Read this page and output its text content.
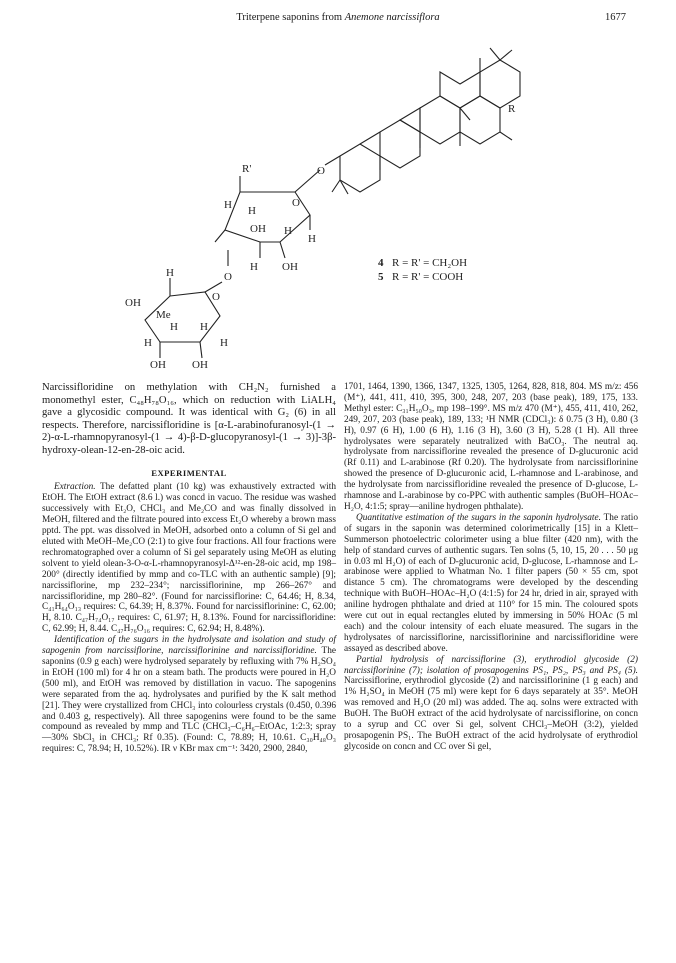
Triterpene saponins from Anemone narcissiflora	1677
R
O
R'
O
H H
OH H
H
H OH
O
H
O
OH
Me
H H
H	H
OH OH
4 R = R' = CH₂OH
5 R = R' = COOH

Narcissifloridine on methylation with CH₂N₂ furnished a monomethyl ester, C₄₈H₇₈O₁₆, which on reduction with LiALH₄ gave a glycosidic compound. It was identical with G₂ (6) in all respects. Therefore, narcissifloridine is [α-L-arabinofuranosyl-(1 → 2)-α-L-rhamnopyranosyl-(1 → 4)-β-D-glucopyranosyl-(1 → 3)]-3β-hydroxy-olean-12-en-28-oic acid.

EXPERIMENTAL

Extraction. The defatted plant (10 kg) was exhaustively extracted with EtOH. The EtOH extract (8.6 l.) was concd in vacuo. The residue was washed successively with Et₂O, CHCl₃ and Me₂CO and was finally dissolved in MeOH, filtered and the filtrate poured into excess Et₂O whereby a brown mass pptd. The ppt. was dissolved in MeOH, adsorbed onto a column of Si gel and eluted with MeOH–Me₂CO (2:1) to give four fractions. All four fractions were rechromatographed over a column of Si gel separately using MeOH as eluting solvent to yield olean-3-O-α-L-rhamnopyranosyl-Δ¹²-en-28-oic acid, mp 198–200° (directly identified by mmp and co-TLC with an authentic sample) [9]; narcissiflorine, mp 232–234°; narcissiflorinine, mp 266–267° and narcissifloridine, mp 280–82°. (Found for narcissiflorine: C, 64.46; H, 8.34, C₄₁H₆₄O₁₃ requires: C, 64.39; H, 8.37%. Found for narcissiflorinine: C, 62.00; H, 8.10. C₄₇H₇₄O₁₇ requires: C, 61.97; H, 8.13%. Found for narcissifloridine: C, 62.99; H, 8.44. C₄₇H₇₆O₁₆ requires: C, 62.94; H, 8.48%).

Identification of the sugars in the hydrolysate and isolation and study of sapogenin from narcissiflorine, narcissiflorinine and narcissifloridine. The saponins (0.9 g each) were hydrolysed separately by refluxing with 7% H₂SO₄ in EtOH (100 ml) for 4 hr on a steam bath. The products were poured in H₂O (500 ml), and EtOH was removed by distillation in vacuo. The sapogenins were separated from the aq. hydrolysates and purified by the K salt method [21]. They were crystallized from CHCl₃ into colourless crystals (0.450, 0.396 and 0.403 g, respectively). All three sapogenins were found to be the same compound as revealed by mmp and TLC (CHCl₃–C₆H₆–EtOAc, 1:2:3; spray—30% SbCl₃ in CHCl₃; Rf 0.35). (Found: C, 78.89; H, 10.61. C₃₀H₄₈O₃ requires: C, 78.94; H, 10.52%). IR ν KBr max cm⁻¹: 3420, 2900, 2840,

1701, 1464, 1390, 1366, 1347, 1325, 1305, 1264, 828, 818, 804. MS m/z: 456 (M⁺), 441, 411, 410, 395, 300, 248, 207, 203 (base peak), 189, 175, 133. Methyl ester: C₃₁H₅₀O₃, mp 198–199°. MS m/z 470 (M⁺), 455, 411, 410, 262, 249, 207, 203 (base peak), 189, 133; ¹H NMR (CDCl₃): δ 0.75 (3 H), 0.80 (3 H), 0.97 (6 H), 1.00 (6 H), 1.16 (3 H), 3.60 (3 H), 5.28 (1 H). All three hydrolysates were separately neutralized with BaCO₃. The neutral aq. hydrolysate from narcissiflorine revealed the presence of D-glucuronic acid (Rf 0.11) and L-arabinose (Rf 0.20). The hydrolysate from narcissiflorinine showed the presence of D-glucuronic acid, L-rhamnose and L-arabinose, and the hydrolysate from narcissifloridine revealed the presence of D-glucose, L-rhamnose and L-arabinose by co-PPC with authentic samples (BuOH–HOAc–H₂O, 4:1:5; spray—aniline hydrogen phthalate).

Quantitative estimation of the sugars in the saponin hydrolysate. The ratio of sugars in the saponin was determined colorimetrically [15] in a Klett–Summerson photoelectric colorimeter using a blue filter (420 nm), with the help of standard curves of authentic sugars. Ten solns (5, 10, 15, 20 . . . 50 μg in 0.03 ml H₂O) of each of D-glucuronic acid, D-glucose, L-rhamnose and L-arabinose were applied to Whatman No. 1 filter papers (50 × 55 cm, spot distance 5 cm). The chromatograms were developed by the descending technique with BuOH–HOAc–H₂O (4:1:5) for 24 hr, dried in air, sprayed with aniline hydrogen phthalate and dried at 110° for 15 min. The coloured spots were cut out in equal rectangles eluted by immersing in 50% HOAc (5 ml each) and the colour intensity of each eluate measured. The sugars in the hydrolysates of narcissiflorine, narcissiflorinine and narcissifloridine were assayed as described above.

Partial hydrolysis of narcissiflorine (3), erythrodiol glycoside (2) narcissiflorinine (7); isolation of prosapogenins PS₁, PS₂, PS₃ and PS₄ (5). Narcissiflorine, erythrodiol glycoside (2) and narcissiflorinine (1 g each) and 1% H₂SO₄ in MeOH (75 ml) were kept for 6 days separately at 35°. MeOH was removed and H₂O (20 ml) was added. The aq. solns were extracted with BuOH. The BuOH extract of the acid hydrolysate of narcissiflorine, on concn to a syrup and CC over Si gel, solvent CHCl₃–MeOH (3:2), yielded prosapogenin PS₁. The BuOH extract of the acid hydrolysate of erythrodiol glycoside on concn and CC over Si gel,
